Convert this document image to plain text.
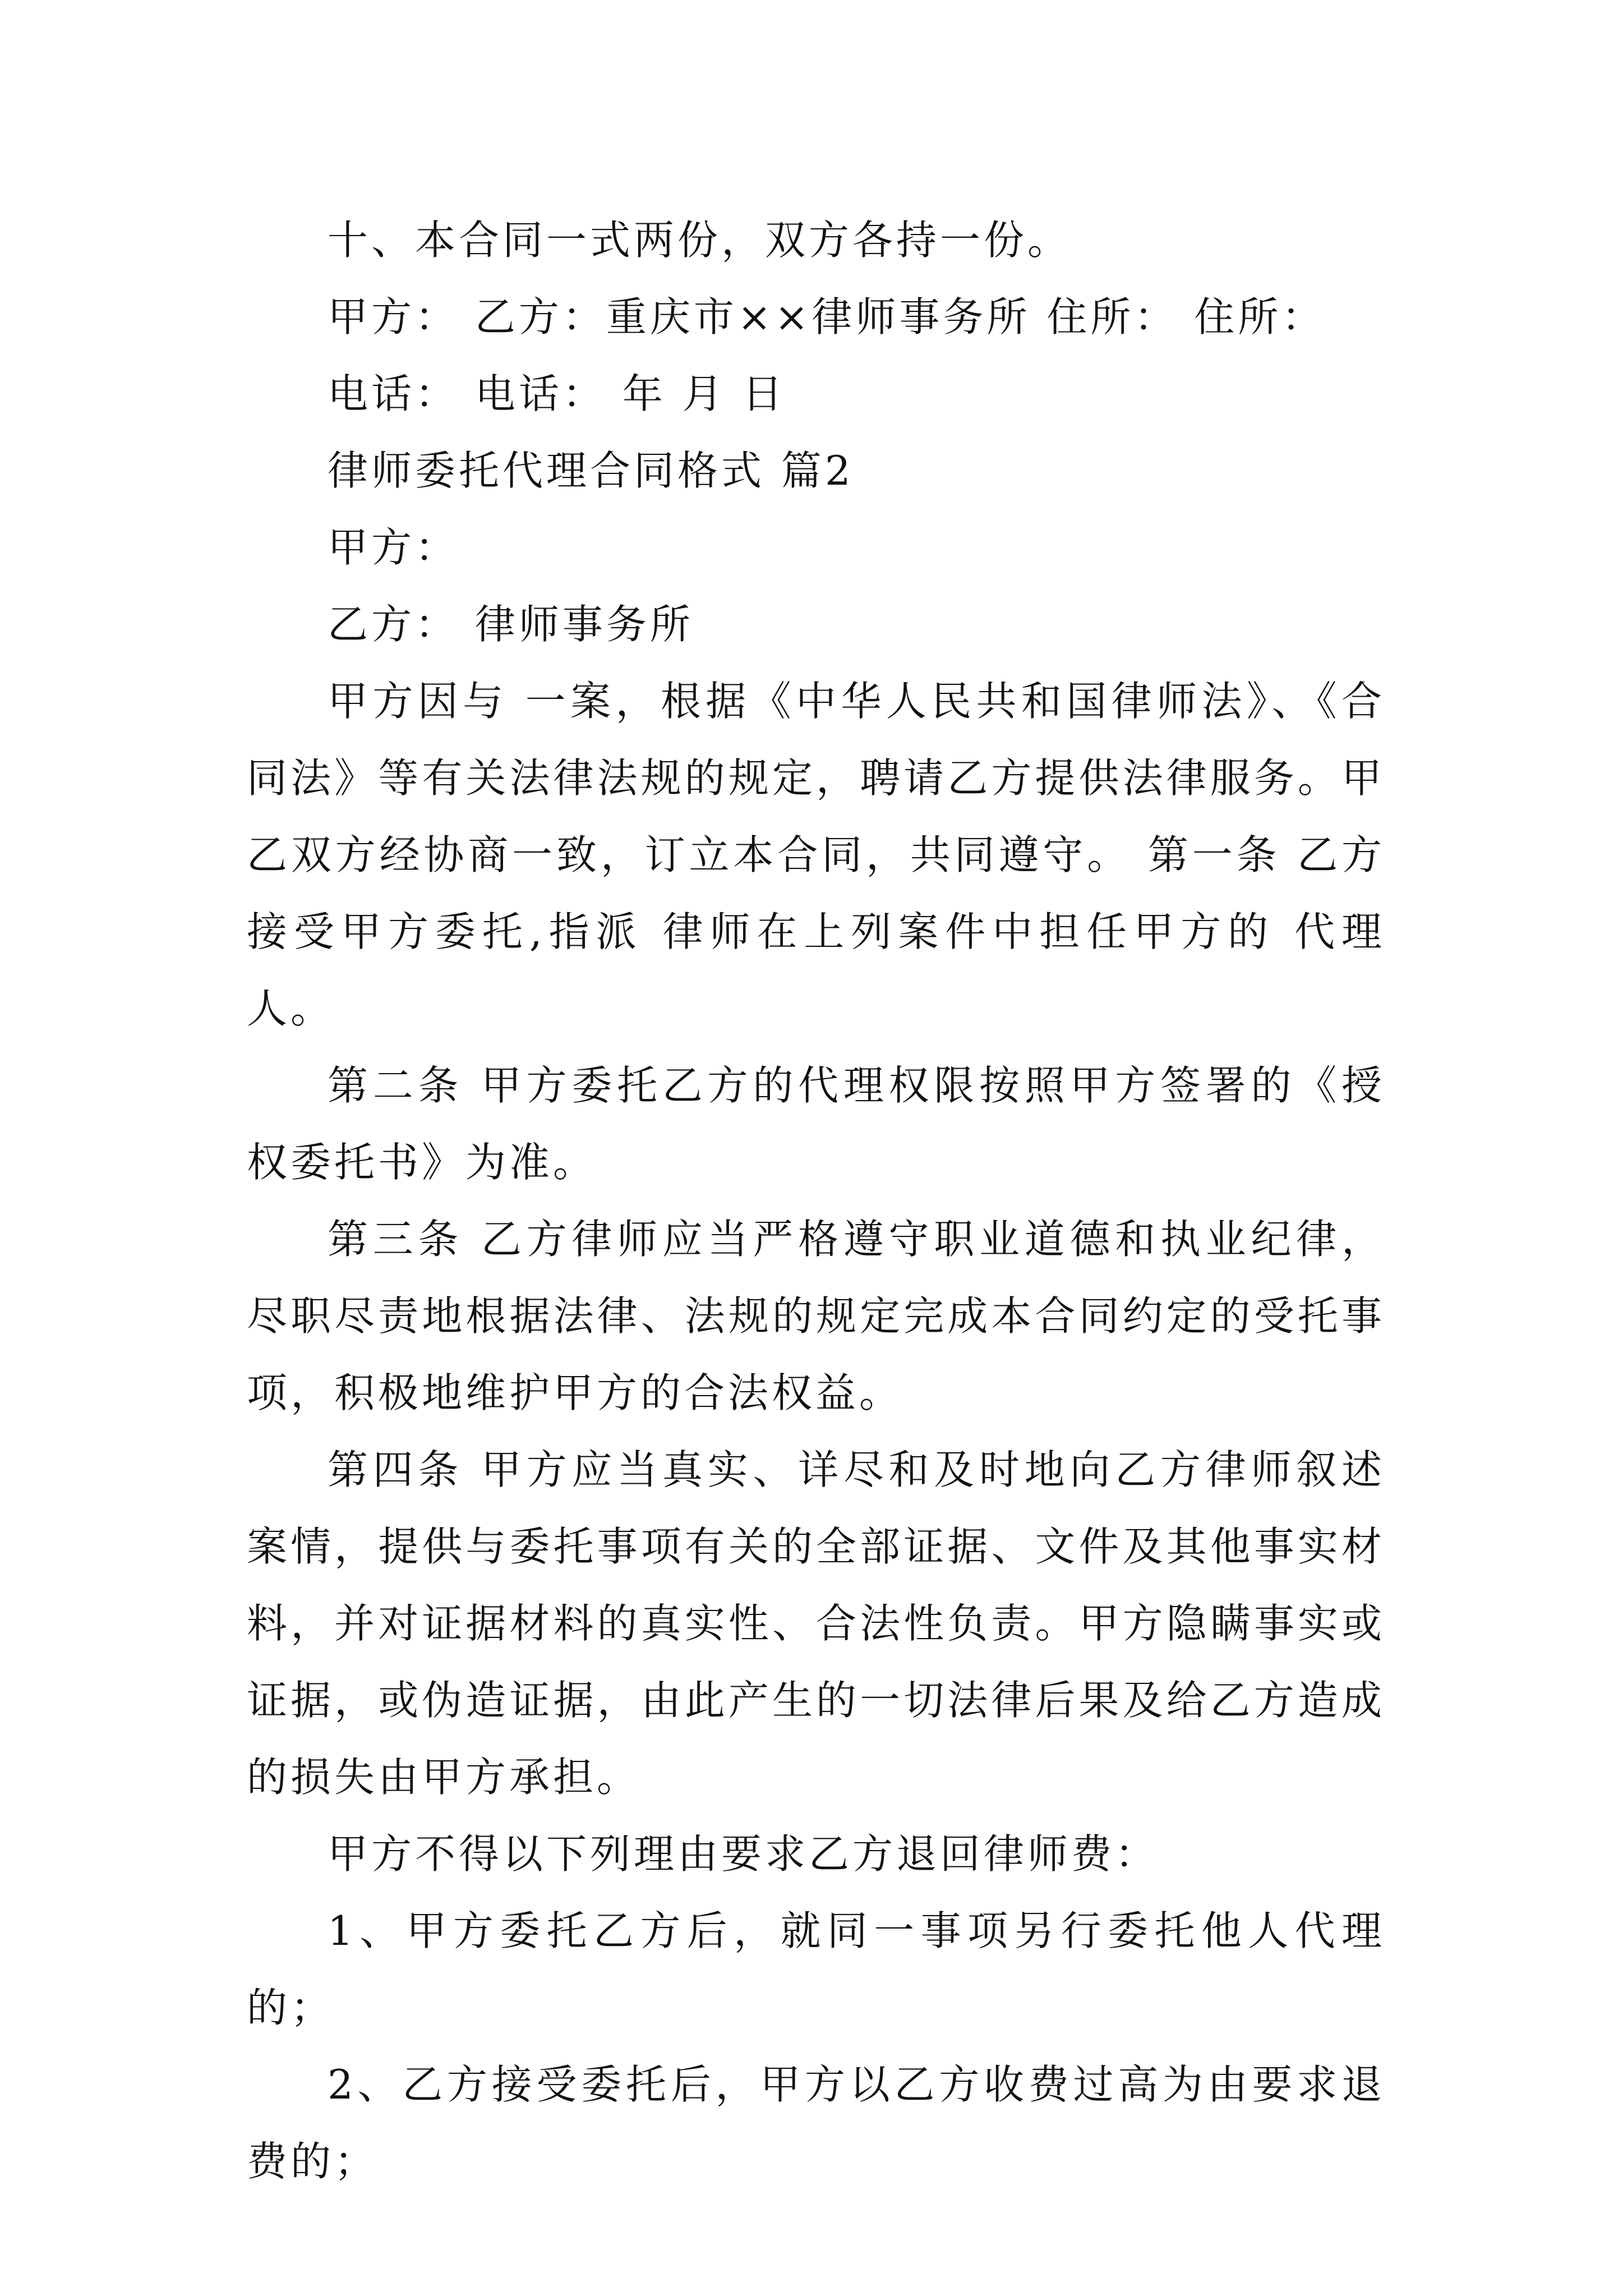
十、本合同一式两份，双方各持一份。

甲方： 乙方：重庆市××律师事务所 住所： 住所：

电话： 电话： 年 月 日

律师委托代理合同格式 篇2

甲方：

乙方： 律师事务所

甲方因与 一案，根据《中华人民共和国律师法》、《合同法》等有关法律法规的规定，聘请乙方提供法律服务。甲乙双方经协商一致，订立本合同，共同遵守。 第一条 乙方接受甲方委托,指派 律师在上列案件中担任甲方的 代理人。

第二条 甲方委托乙方的代理权限按照甲方签署的《授权委托书》为准。

第三条 乙方律师应当严格遵守职业道德和执业纪律，尽职尽责地根据法律、法规的规定完成本合同约定的受托事项，积极地维护甲方的合法权益。

第四条 甲方应当真实、详尽和及时地向乙方律师叙述案情，提供与委托事项有关的全部证据、文件及其他事实材料，并对证据材料的真实性、合法性负责。甲方隐瞒事实或证据，或伪造证据，由此产生的一切法律后果及给乙方造成的损失由甲方承担。

甲方不得以下列理由要求乙方退回律师费：

1、甲方委托乙方后，就同一事项另行委托他人代理的；

2、乙方接受委托后，甲方以乙方收费过高为由要求退费的；
